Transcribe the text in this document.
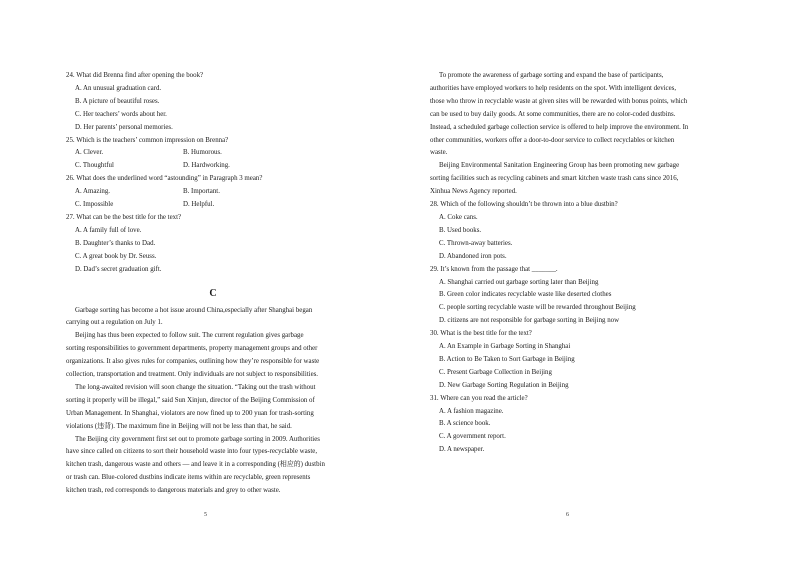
24. What did Brenna find after opening the book?
A. An unusual graduation card.
B. A picture of beautiful roses.
C. Her teachers’ words about her.
D. Her parents’ personal memories.
25. Which is the teachers’ common impression on Brenna?
A. Clever.	B. Humorous.
C. Thoughtful	D. Hardworking.
26. What does the underlined word “astounding” in Paragraph 3 mean?
A. Amazing.	B. Important.
C. Impossible	D. Helpful.
27. What can be the best title for the text?
A. A family full of love.
B. Daughter’s thanks to Dad.
C. A great book by Dr. Seuss.
D. Dad’s secret graduation gift.
C
Garbage sorting has become a hot issue around China,especially after Shanghai began
carrying out a regulation on July 1.
Beijing has thus been expected to follow suit. The current regulation gives garbage
sorting responsibilities to government departments, property management groups and other
organizations. It also gives rules for companies, outlining how they’re responsible for waste
collection, transportation and treatment. Only individuals are not subject to responsibilities.
The long-awaited revision will soon change the situation. “Taking out the trash without
sorting it properly will be illegal,” said Sun Xinjun, director of the Beijing Commission of
Urban Management. In Shanghai, violators are now fined up to 200 yuan for trash-sorting
violations (违背). The maximum fine in Beijing will not be less than that, he said.
The Beijing city government first set out to promote garbage sorting in 2009. Authorities
have since called on citizens to sort their household waste into four types-recyclable waste,
kitchen trash, dangerous waste and others — and leave it in a corresponding (相应的) dustbin
or trash can. Blue-colored dustbins indicate items within are recyclable, green represents
kitchen trash, red corresponds to dangerous materials and grey to other waste.
To promote the awareness of garbage sorting and expand the base of participants,
authorities have employed workers to help residents on the spot. With intelligent devices,
those who throw in recyclable waste at given sites will be rewarded with bonus points, which
can be used to buy daily goods. At some communities, there are no color-coded dustbins.
Instead, a scheduled garbage collection service is offered to help improve the environment. In
other communities, workers offer a door-to-door service to collect recyclables or kitchen
waste.
Beijing Environmental Sanitation Engineering Group has been promoting new garbage
sorting facilities such as recycling cabinets and smart kitchen waste trash cans since 2016,
Xinhua News Agency reported.
28. Which of the following shouldn’t be thrown into a blue dustbin?
A. Coke cans.
B. Used books.
C. Thrown-away batteries.
D. Abandoned iron pots.
29. It’s known from the passage that _______.
A. Shanghai carried out garbage sorting later than Beijing
B. Green color indicates recyclable waste like deserted clothes
C. people sorting recyclable waste will be rewarded throughout Beijing
D. citizens are not responsible for garbage sorting in Beijing now
30. What is the best title for the text?
A. An Example in Garbage Sorting in Shanghai
B. Action to Be Taken to Sort Garbage in Beijing
C. Present Garbage Collection in Beijing
D. New Garbage Sorting Regulation in Beijing
31. Where can you read the article?
A. A fashion magazine.
B. A science book.
C. A government report.
D. A newspaper.
5	6
